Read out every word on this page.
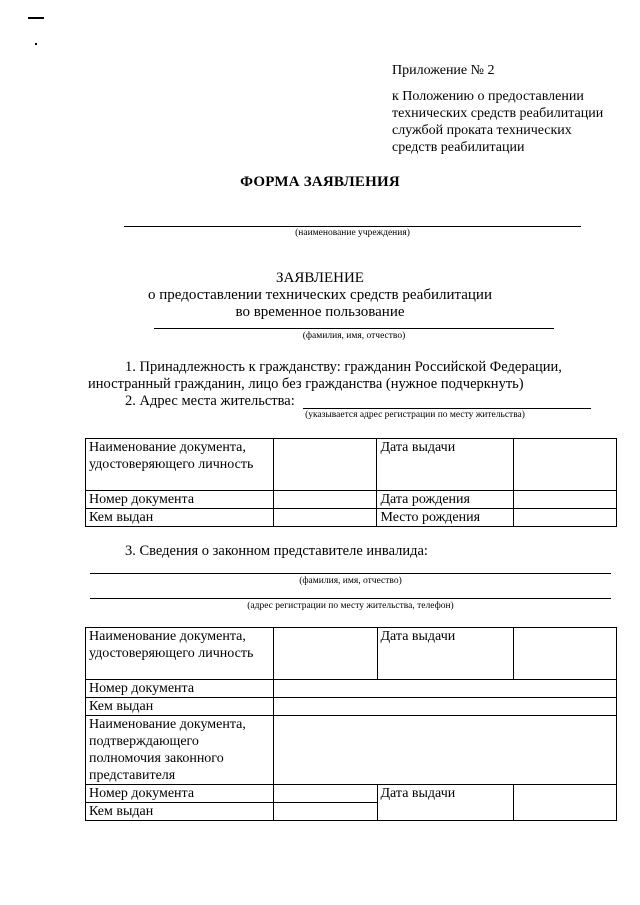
Приложение № 2
к Положению о предоставлении
технических средств реабилитации
службой проката технических
средств реабилитации
ФОРМА ЗАЯВЛЕНИЯ
(наименование учреждения)
ЗАЯВЛЕНИЕ
о предоставлении технических средств реабилитации
во временное пользование
(фамилия, имя, отчество)
1. Принадлежность к гражданству: гражданин Российской Федерации,
иностранный гражданин, лицо без гражданства (нужное подчеркнуть)
2. Адрес места жительства:
(указывается адрес регистрации по месту жительства)
Наименование документа, удостоверяющего личность		Дата выдачи	
Номер документа		Дата рождения	
Кем выдан		Место рождения	
3. Сведения о законном представителе инвалида:
(фамилия, имя, отчество)
(адрес регистрации по месту жительства, телефон)
Наименование документа, удостоверяющего личность		Дата выдачи	
Номер документа			
Кем выдан			
Наименование документа, подтверждающего полномочия законного представителя			
Номер документа		Дата выдачи	
Кем выдан			
